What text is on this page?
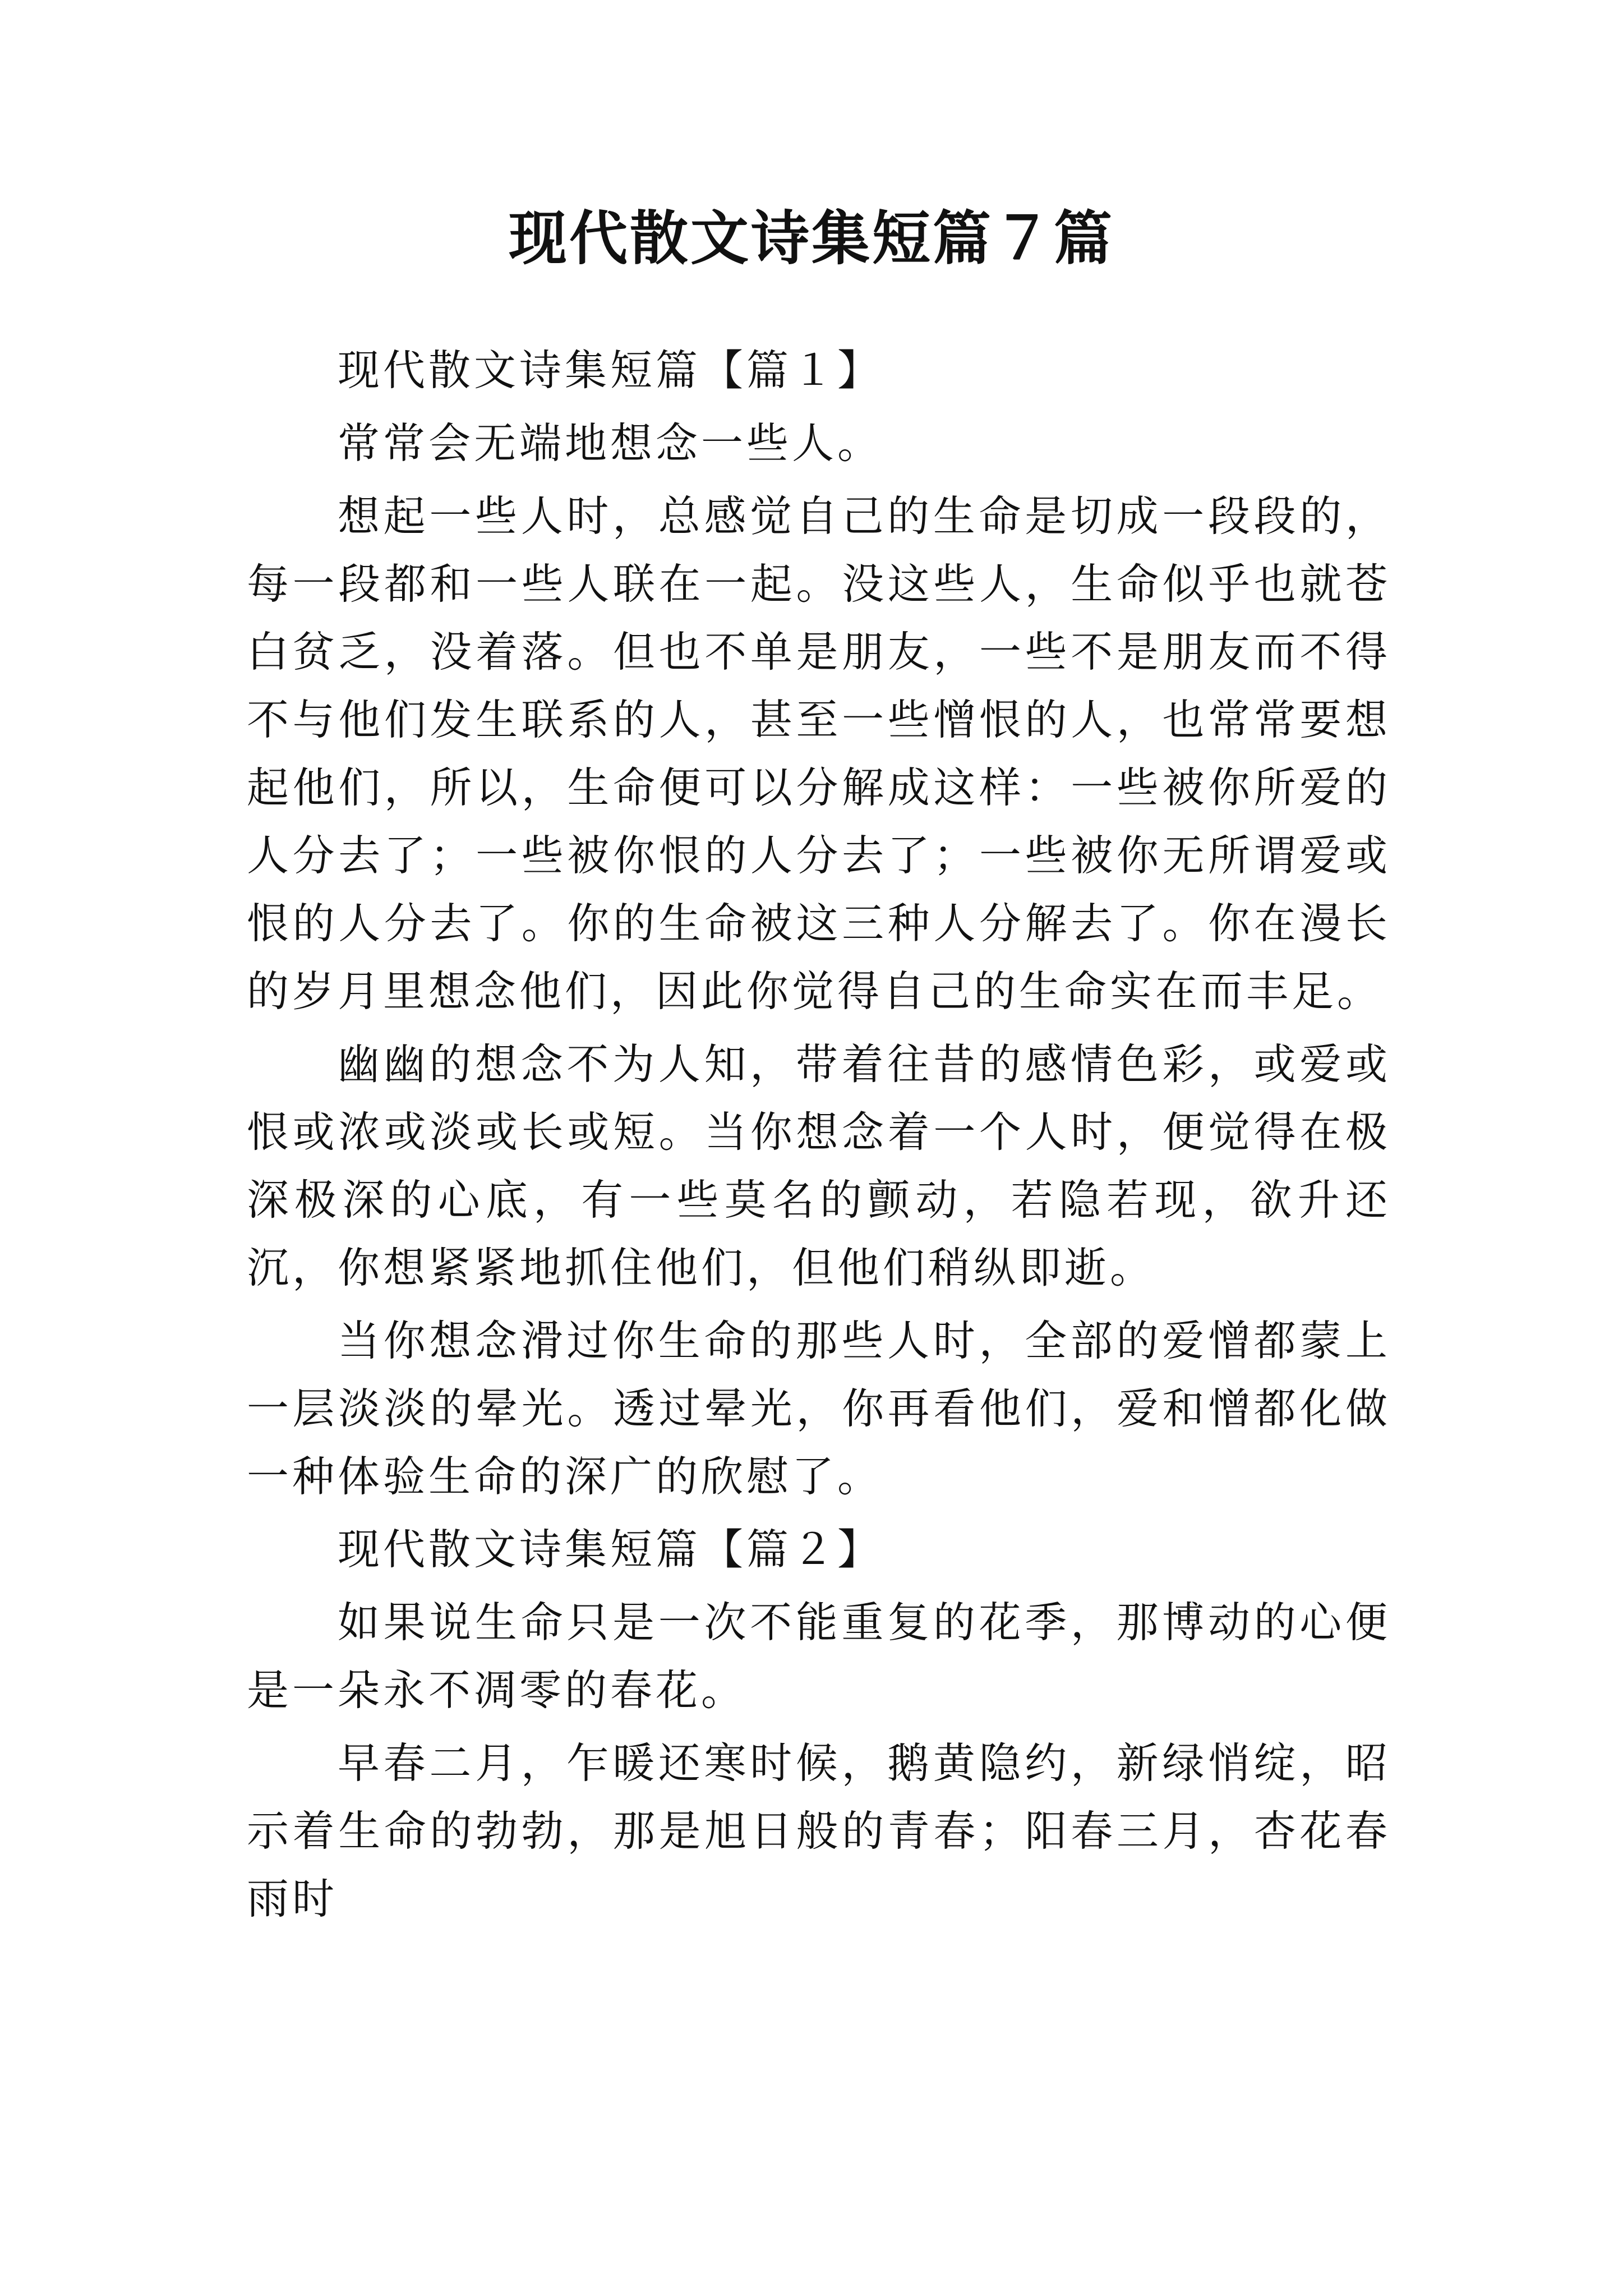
现代散文诗集短篇７篇

现代散文诗集短篇【篇１】

常常会无端地想念一些人。

想起一些人时，总感觉自己的生命是切成一段段的，每一段都和一些人联在一起。没这些人，生命似乎也就苍白贫乏，没着落。但也不单是朋友，一些不是朋友而不得不与他们发生联系的人，甚至一些憎恨的人，也常常要想起他们，所以，生命便可以分解成这样：一些被你所爱的人分去了；一些被你恨的人分去了；一些被你无所谓爱或恨的人分去了。你的生命被这三种人分解去了。你在漫长的岁月里想念他们，因此你觉得自己的生命实在而丰足。

幽幽的想念不为人知，带着往昔的感情色彩，或爱或恨或浓或淡或长或短。当你想念着一个人时，便觉得在极深极深的心底，有一些莫名的颤动，若隐若现，欲升还沉，你想紧紧地抓住他们，但他们稍纵即逝。

当你想念滑过你生命的那些人时，全部的爱憎都蒙上一层淡淡的晕光。透过晕光，你再看他们，爱和憎都化做一种体验生命的深广的欣慰了。

现代散文诗集短篇【篇２】

如果说生命只是一次不能重复的花季，那博动的心便是一朵永不凋零的春花。

早春二月，乍暖还寒时候，鹅黄隐约，新绿悄绽，昭示着生命的勃勃，那是旭日般的青春；阳春三月，杏花春雨时
